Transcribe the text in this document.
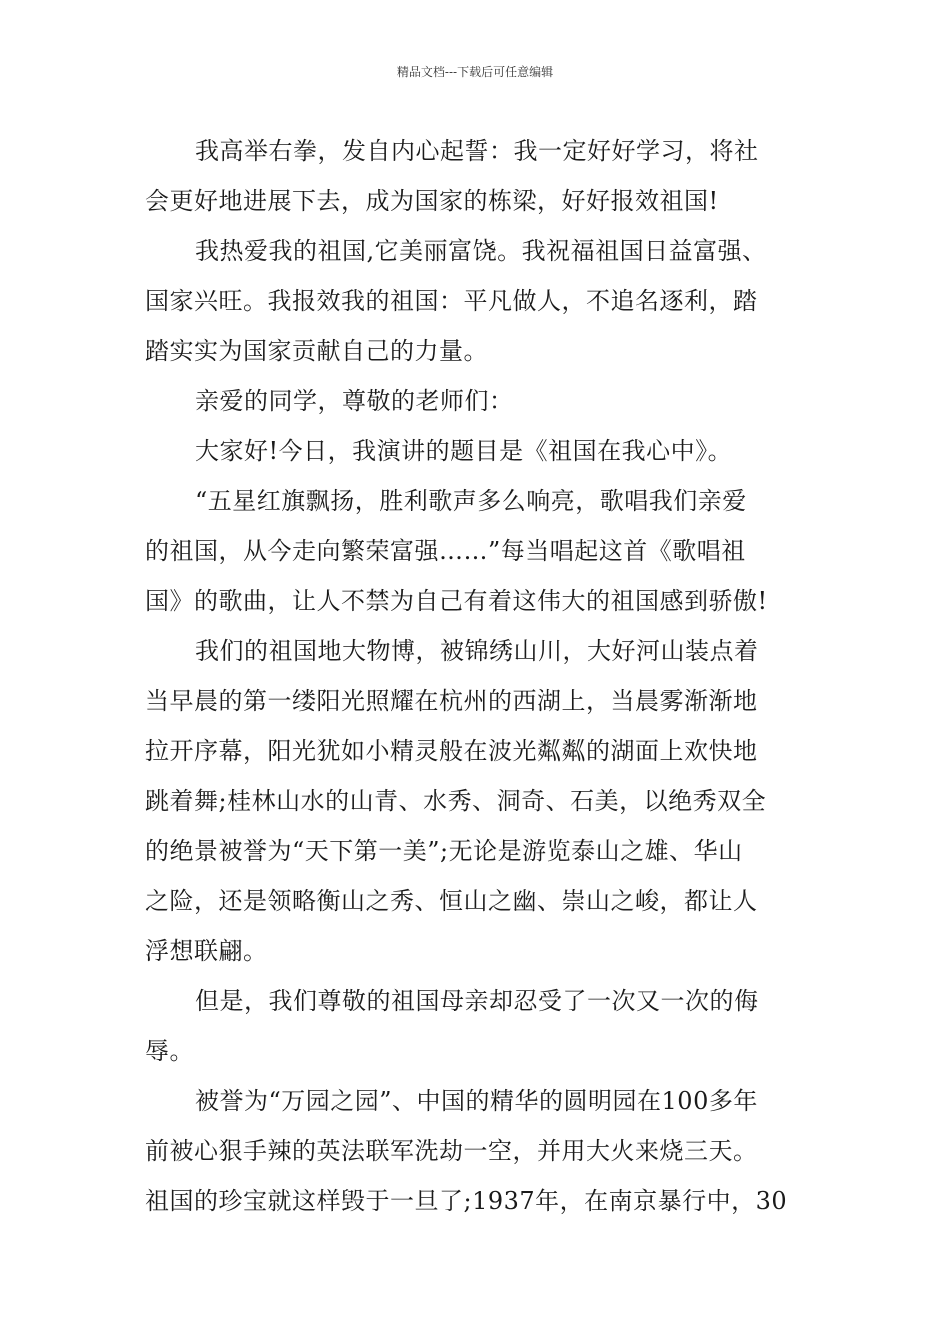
精品文档---下载后可任意编辑

我高举右拳，发自内心起誓：我一定好好学习，将社
会更好地进展下去，成为国家的栋梁，好好报效祖国!

我热爱我的祖国,它美丽富饶。我祝福祖国日益富强、
国家兴旺。我报效我的祖国：平凡做人，不追名逐利，踏
踏实实为国家贡献自己的力量。

亲爱的同学，尊敬的老师们：

大家好!今日，我演讲的题目是《祖国在我心中》。

“五星红旗飘扬，胜利歌声多么响亮，歌唱我们亲爱
的祖国，从今走向繁荣富强……”每当唱起这首《歌唱祖
国》的歌曲，让人不禁为自己有着这伟大的祖国感到骄傲!

我们的祖国地大物博，被锦绣山川，大好河山装点着
当早晨的第一缕阳光照耀在杭州的西湖上，当晨雾渐渐地
拉开序幕，阳光犹如小精灵般在波光粼粼的湖面上欢快地
跳着舞;桂林山水的山青、水秀、洞奇、石美，以绝秀双全
的绝景被誉为“天下第一美”;无论是游览泰山之雄、华山
之险，还是领略衡山之秀、恒山之幽、崇山之峻，都让人
浮想联翩。

但是，我们尊敬的祖国母亲却忍受了一次又一次的侮
辱。

被誉为“万园之园”、中国的精华的圆明园在100多年
前被心狠手辣的英法联军洗劫一空，并用大火来烧三天。
祖国的珍宝就这样毁于一旦了;1937年，在南京暴行中，30
